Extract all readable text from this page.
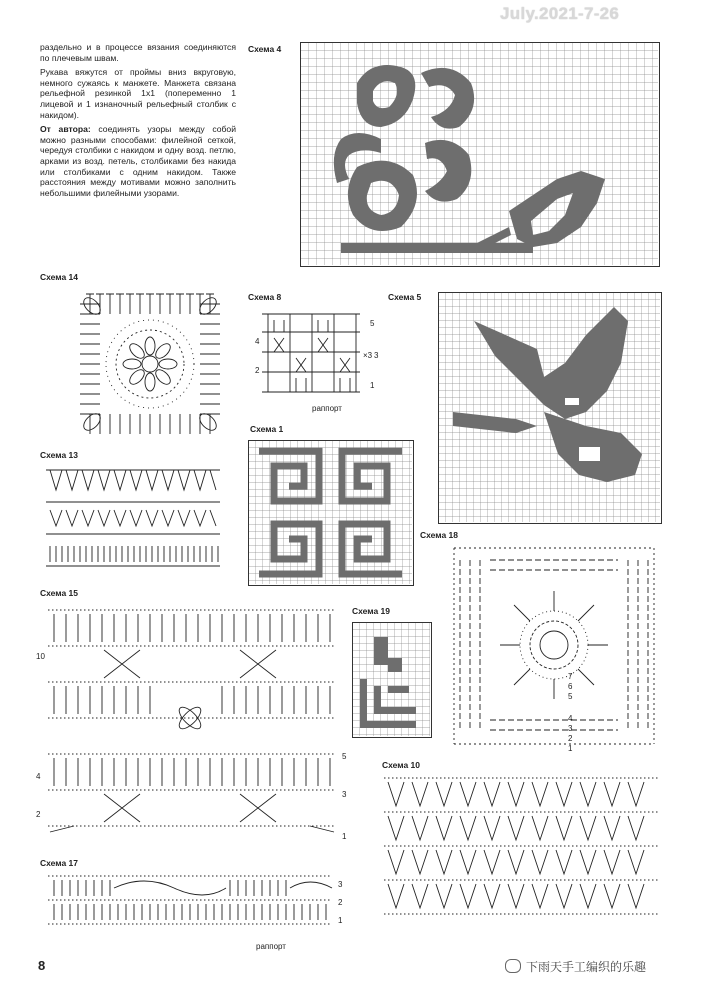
July.2021-7-26

раздельно и в процессе вязания соединяются по плечевым швам.

Рукава вяжутся от проймы вниз вкруговую, немного сужаясь к манжете. Манжета связана рельефной резинкой 1x1 (попеременно 1 лицевой и 1 изнаночный рельефный столбик с накидом).

От автора: соединять узоры между собой можно разными способами: филейной сеткой, чередуя столбики с накидом и одну возд. петлю, арками из возд. петель, столбиками без накида или столбиками с одним накидом. Также расстояния между мотивами можно заполнить небольшими филейными узорами.

Схема 4
Схема 14
Схема 8
5
4
3
×3
2
1
раппорт
Схема 5
Схема 1
Схема 13
Схема 18
7
6
5
4
3
2
1
Схема 15
10
5
4
3
2
1
Схема 19
Схема 10
Схема 17
3
2
1
раппорт
8	下雨天手工编织的乐趣
